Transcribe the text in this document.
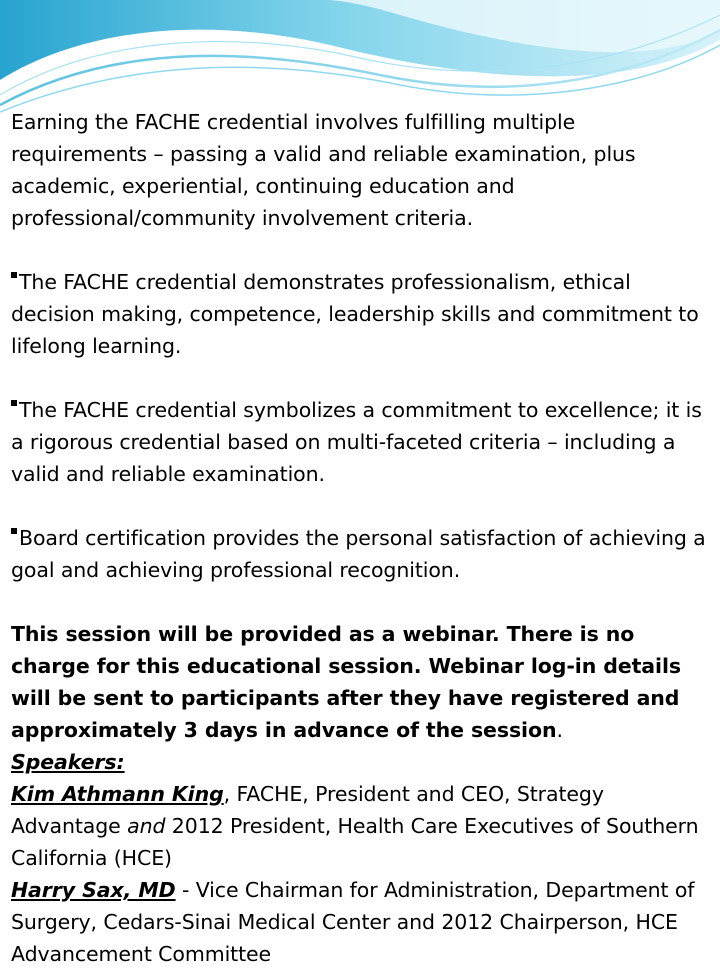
Earning the FACHE credential involves fulfilling multiple requirements – passing a valid and reliable examination, plus academic, experiential, continuing education and professional/community involvement criteria.

The FACHE credential demonstrates professionalism, ethical decision making, competence, leadership skills and commitment to lifelong learning.

The FACHE credential symbolizes a commitment to excellence; it is a rigorous credential based on multi-faceted criteria – including a valid and reliable examination.

Board certification provides the personal satisfaction of achieving a goal and achieving professional recognition.

This session will be provided as a webinar. There is no charge for this educational session. Webinar log-in details will be sent to participants after they have registered and approximately 3 days in advance of the session.

Speakers:

Kim Athmann King, FACHE, President and CEO, Strategy Advantage and 2012 President, Health Care Executives of Southern California (HCE)

Harry Sax, MD - Vice Chairman for Administration, Department of Surgery, Cedars-Sinai Medical Center and 2012 Chairperson, HCE Advancement Committee
